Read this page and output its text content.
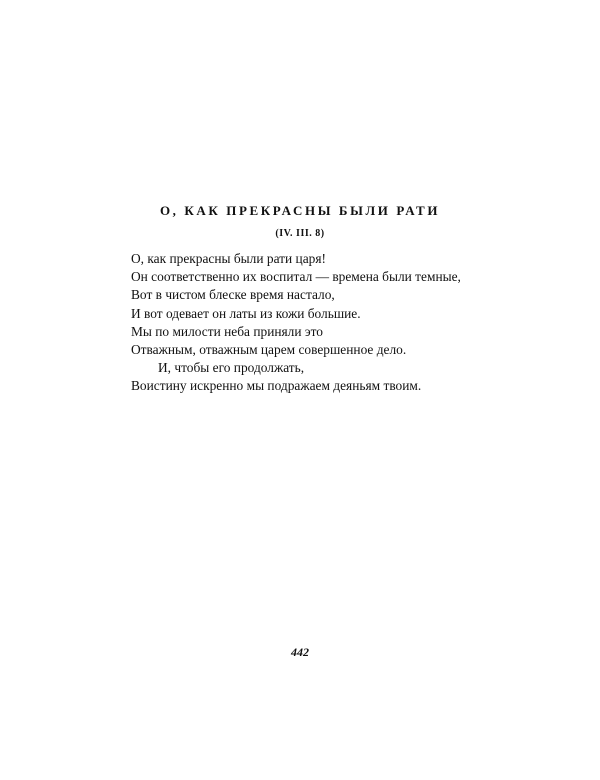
О, КАК ПРЕКРАСНЫ БЫЛИ РАТИ
(IV. III. 8)
О, как прекрасны были рати царя!
Он соответственно их воспитал — времена были темные,
Вот в чистом блеске время настало,
И вот одевает он латы из кожи большие.
Мы по милости неба приняли это
Отважным, отважным царем совершенное дело.
И, чтобы его продолжать,
Воистину искренно мы подражаем деяньям твоим.
442
